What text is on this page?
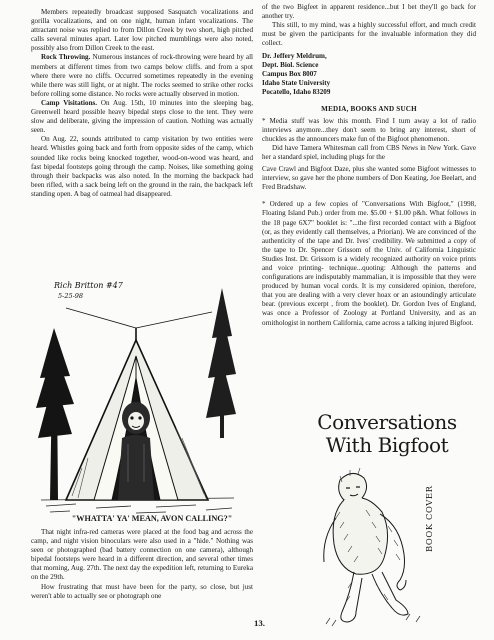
Members repeatedly broadcast supposed Sasquatch vocalizations and gorilla vocalizations, and on one night, human infant vocalizations. The attractant noise was replied to from Dillon Creek by two short, high pitched calls several minutes apart. Later low pitched mumblings were also noted, possibly also from Dillon Creek to the east.

Rock Throwing. Numerous instances of rock-throwing were heard by all members at different times from two camps below cliffs. and from a spot where there were no cliffs. Occurred sometimes repeatedly in the evening while there was still light, or at night. The rocks seemed to strike other rocks before rolling some distance. No rocks were actually observed in motion.

Camp Visitations. On Aug. 15th, 10 minutes into the sleeping bag, Greenwell heard possible heavy bipedal steps close to the tent. They were slow and deliberate, giving the impression of caution. Nothing was actually seen.

On Aug. 22, sounds attributed to camp visitation by two entities were heard. Whistles going back and forth from opposite sides of the camp, which sounded like rocks being knocked together, wood-on-wood was heard, and fast bipedal footsteps going through the camp. Noises, like something going through their backpacks was also noted. In the morning the backpack had been rifled, with a sack being left on the ground in the rain, the backpack left standing open. A bag of oatmeal had disappeared.

Rich Britton #47
5-25-98
"WHATTA' YA' MEAN, AVON CALLING?"

That night infra-red cameras were placed at the food bag and across the camp, and night vision binoculars were also used in a "hide." Nothing was seen or photographed (bad battery connection on one camera), although bipedal footsteps were heard in a different direction, and several other times that morning, Aug. 27th. The next day the expedition left, returning to Eureka on the 29th.

How frustrating that must have been for the party, so close, but just weren't able to actually see or photograph one

of the two Bigfeet in apparent residence...but I bet they'll go back for another try.

This still, to my mind, was a highly successful effort, and much credit must be given the participants for the invaluable information they did collect.

Dr. Jeffery Meldrum,
Dept. Biol. Science
Campus Box 8007
Idaho State University
Pocatello, Idaho 83209
MEDIA, BOOKS AND SUCH

* Media stuff was low this month. Find I turn away a lot of radio interviews anymore...they don't seem to bring any interest, short of chuckles as the announcers make fun of the Bigfoot phenomenon.

Did have Tamera Whitesman call from CBS News in New York. Gave her a standard spiel, including plugs for the

Cave Crawl and Bigfoot Daze, plus she wanted some Bigfoot witnesses to interview, so gave her the phone numbers of Don Keating, Joe Beelart, and Fred Bradshaw.

* Ordered up a few copies of "Conversations With Bigfoot," (1998, Floating Island Pub.) order from me. $5.00 + $1.00 p&h. What follows in the 18 page 6X7" booklet is: "...the first recorded contact with a Bigfoot (or, as they evidently call themselves, a Priorian). We are convinced of the authenticity of the tape and Dr. Ives' credibility. We submitted a copy of the tape to Dr. Spencer Grissom of the Univ. of California Linguistic Studies Inst. Dr. Grissom is a widely recognized authority on voice prints and voice printing- technique...quoting: Although the patterns and configurations are indisputably mammalian, it is impossible that they were produced by human vocal cords. It is my considered opinion, therefore, that you are dealing with a very clever hoax or an astoundingly articulate bear. (previous excerpt , from the booklet). Dr. Gordon Ives of England, was once a Professor of Zoology at Portland University, and as an ornithologist in northern California, came across a talking injured Bigfoot.

Conversations
With Bigfoot
BOOK COVER
13.
